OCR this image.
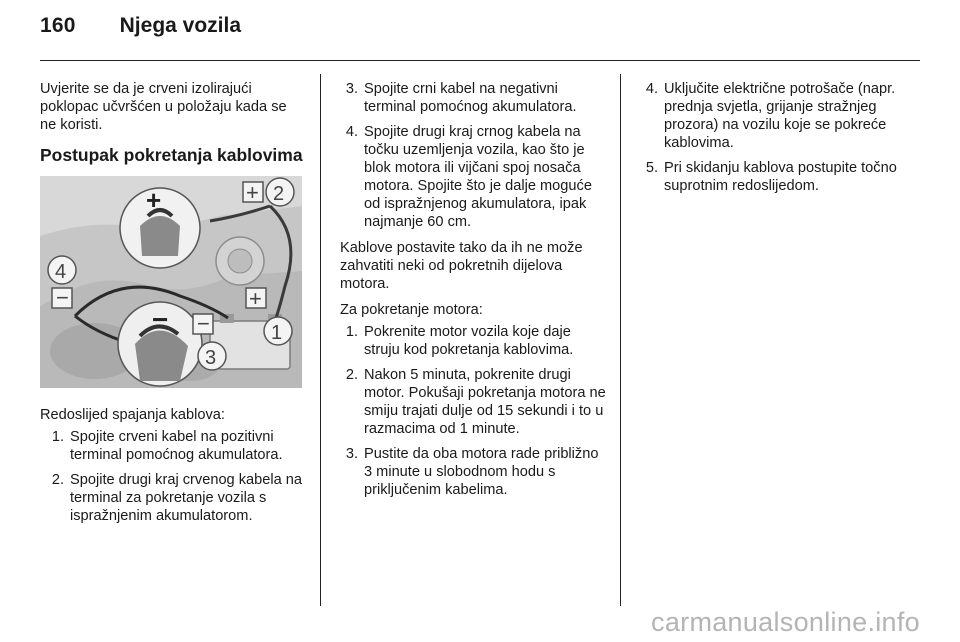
160 Njega vozila

Uvjerite se da je crveni izolirajući poklopac učvršćen u položaju kada se ne koristi.

Postupak pokretanja kablovima
+
−
+ 2
+
1
−
3
4
−

Redoslijed spajanja kablova:

1. Spojite crveni kabel na pozitivni terminal pomoćnog akumulatora.
2. Spojite drugi kraj crvenog kabela na terminal za pokretanje vozila s ispražnjenim akumulatorom.
3. Spojite crni kabel na negativni terminal pomoćnog akumulatora.
4. Spojite drugi kraj crnog kabela na točku uzemljenja vozila, kao što je blok motora ili vijčani spoj nosača motora. Spojite što je dalje moguće od ispražnjenog akumulatora, ipak najmanje 60 cm.

Kablove postavite tako da ih ne može zahvatiti neki od pokretnih dijelova motora.

Za pokretanje motora:

1. Pokrenite motor vozila koje daje struju kod pokretanja kablovima.
2. Nakon 5 minuta, pokrenite drugi motor. Pokušaji pokretanja motora ne smiju trajati dulje od 15 sekundi i to u razmacima od 1 minute.
3. Pustite da oba motora rade približno 3 minute u slobodnom hodu s priključenim kabelima.
4. Uključite električne potrošače (napr. prednja svjetla, grijanje stražnjeg prozora) na vozilu koje se pokreće kablovima.
5. Pri skidanju kablova postupite točno suprotnim redoslijedom.
carmanualsonline.info
